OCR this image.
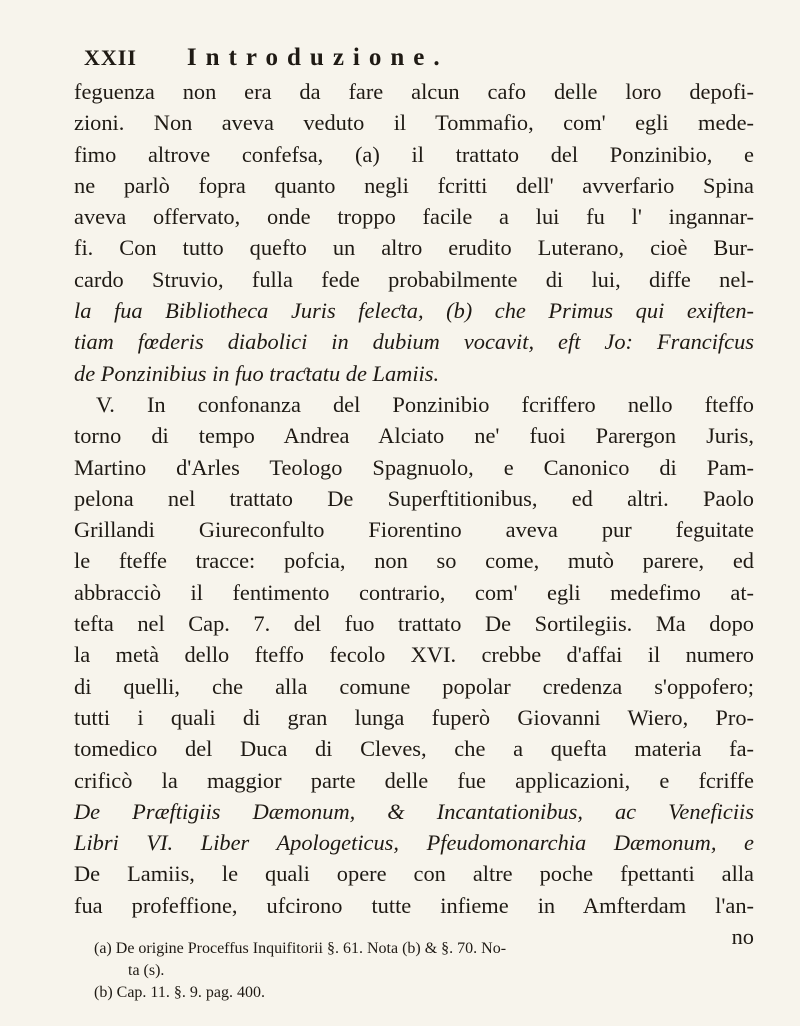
XXII Introduzione.
feguenza non era da fare alcun cafo delle loro depofi-
zioni. Non aveva veduto il Tommafio, com' egli mede-
fimo altrove confefsa, (a) il trattato del Ponzinibio, e
ne parlò fopra quanto negli fcritti dell' avverfario Spina
aveva offervato, onde troppo facile a lui fu l' ingannar-
fi. Con tutto quefto un altro erudito Luterano, cioè Bur-
cardo Struvio, fulla fede probabilmente di lui, diffe nel-
la fua Bibliotheca Juris feleƈta, (b) che Primus qui exiften-
tiam fœderis diabolici in dubium vocavit, eft Jo: Francifcus
de Ponzinibius in fuo traƈtatu de Lamiis.
V. In confonanza del Ponzinibio fcriffero nello fteffo
torno di tempo Andrea Alciato ne' fuoi Parergon Juris,
Martino d'Arles Teologo Spagnuolo, e Canonico di Pam-
pelona nel trattato De Superftitionibus, ed altri. Paolo
Grillandi Giureconfulto Fiorentino aveva pur feguitate
le fteffe tracce: pofcia, non so come, mutò parere, ed
abbracciò il fentimento contrario, com' egli medefimo at-
tefta nel Cap. 7. del fuo trattato De Sortilegiis. Ma dopo
la metà dello fteffo fecolo XVI. crebbe d'affai il numero
di quelli, che alla comune popolar credenza s'oppofero;
tutti i quali di gran lunga fuperò Giovanni Wiero, Pro-
tomedico del Duca di Cleves, che a quefta materia fa-
crificò la maggior parte delle fue applicazioni, e fcriffe
De Præftigiis Dæmonum, & Incantationibus, ac Veneficiis
Libri VI. Liber Apologeticus, Pfeudomonarchia Dæmonum, e
De Lamiis, le quali opere con altre poche fpettanti alla
fua profeffione, ufcirono tutte infieme in Amfterdam l'an-
no
(a) De origine Proceffus Inquifitorii §. 61. Nota (b) & §. 70. No-
ta (s).
(b) Cap. 11. §. 9. pag. 400.
